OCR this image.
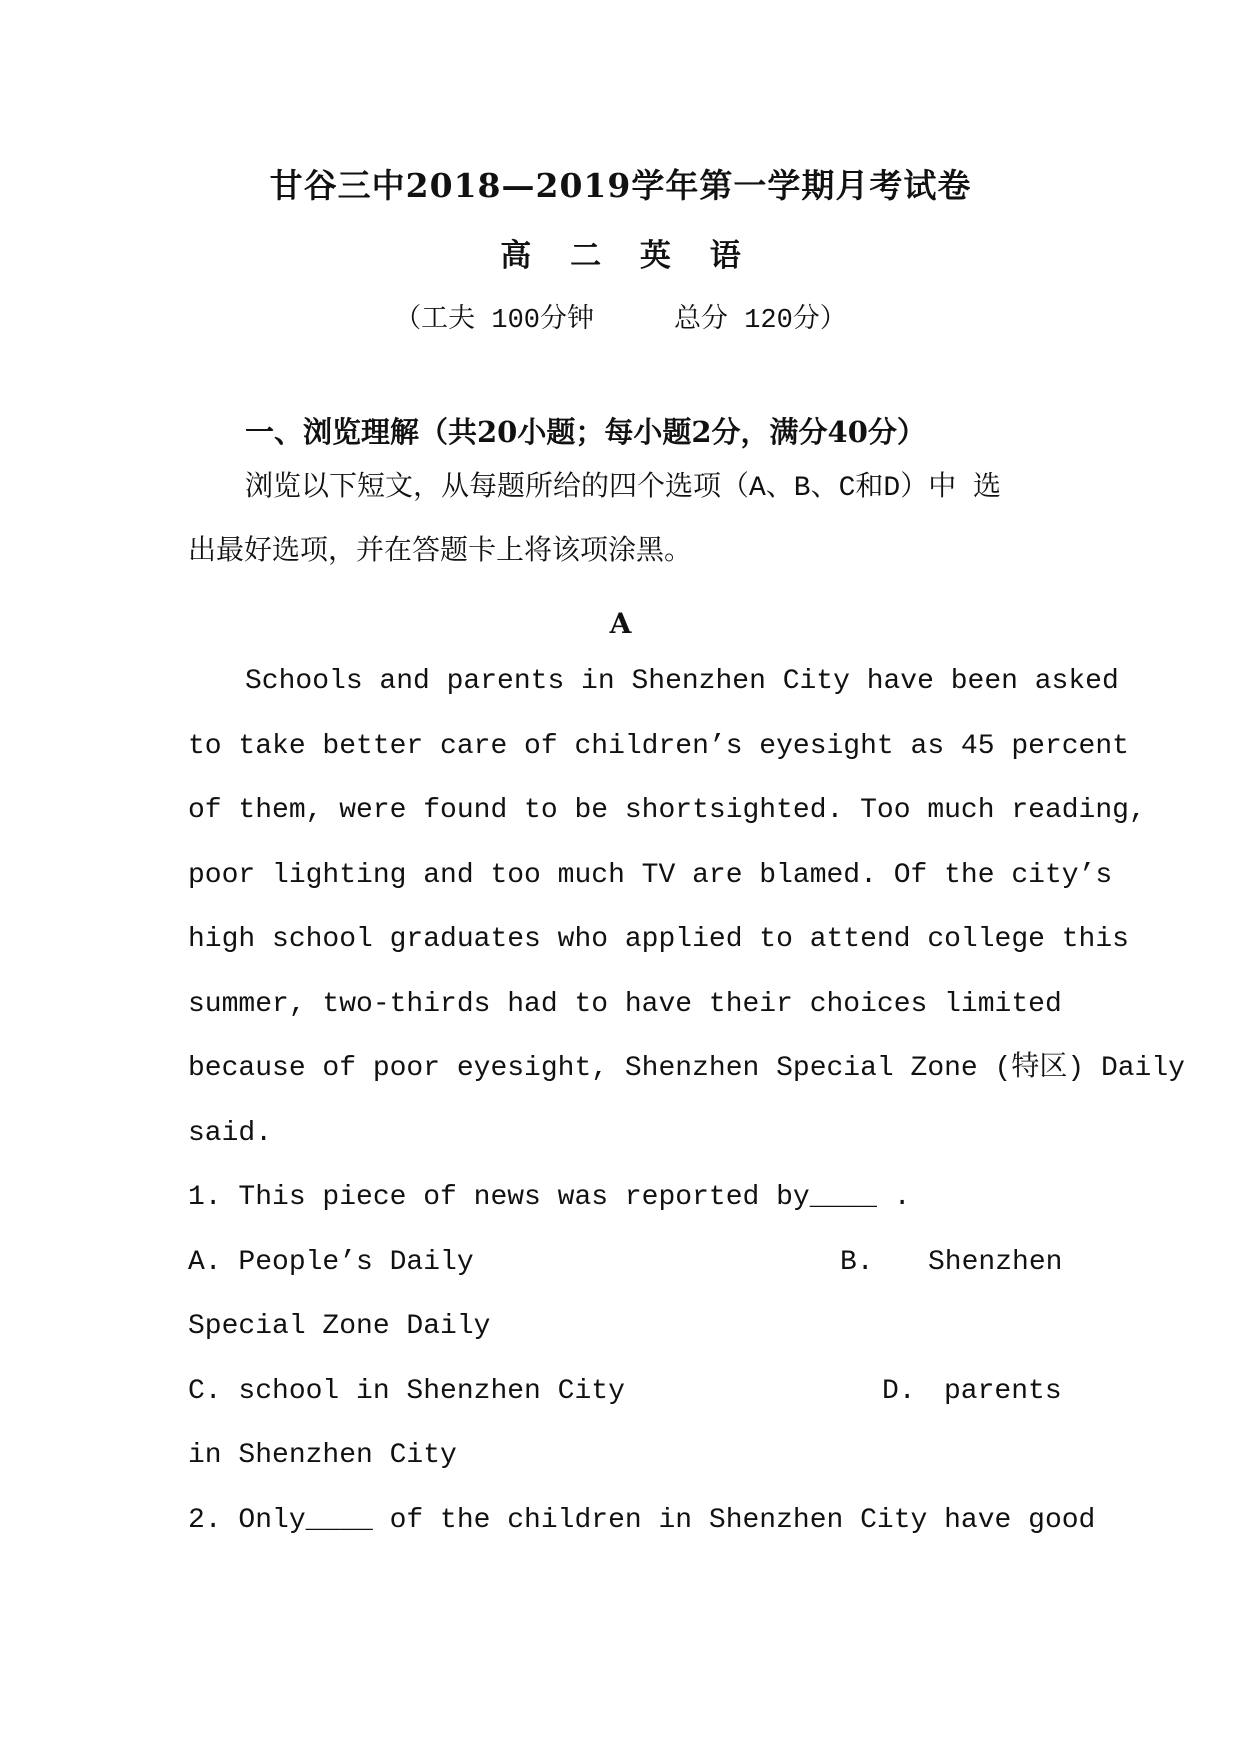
甘谷三中2018—2019学年第一学期月考试卷
高 二 英 语
（工夫 100分钟	总分 120分）
一、浏览理解（共20小题；每小题2分，满分40分）
浏览以下短文，从每题所给的四个选项（A、B、C和D）中 选
出最好选项，并在答题卡上将该项涂黑。
A
Schools and parents in Shenzhen City have been asked
to take better care of children’s eyesight as 45 percent
of them, were found to be shortsighted. Too much reading,
poor lighting and too much TV are blamed. Of the city’s
high school graduates who applied to attend college this
summer, two-thirds had to have their choices limited
because of poor eyesight, Shenzhen Special Zone (特区) Daily
said.
1. This piece of news was reported by____ .
A. People’s Daily	B. Shenzhen
Special Zone Daily
C. school in Shenzhen City	D. parents
in Shenzhen City
2. Only____ of the children in Shenzhen City have good
